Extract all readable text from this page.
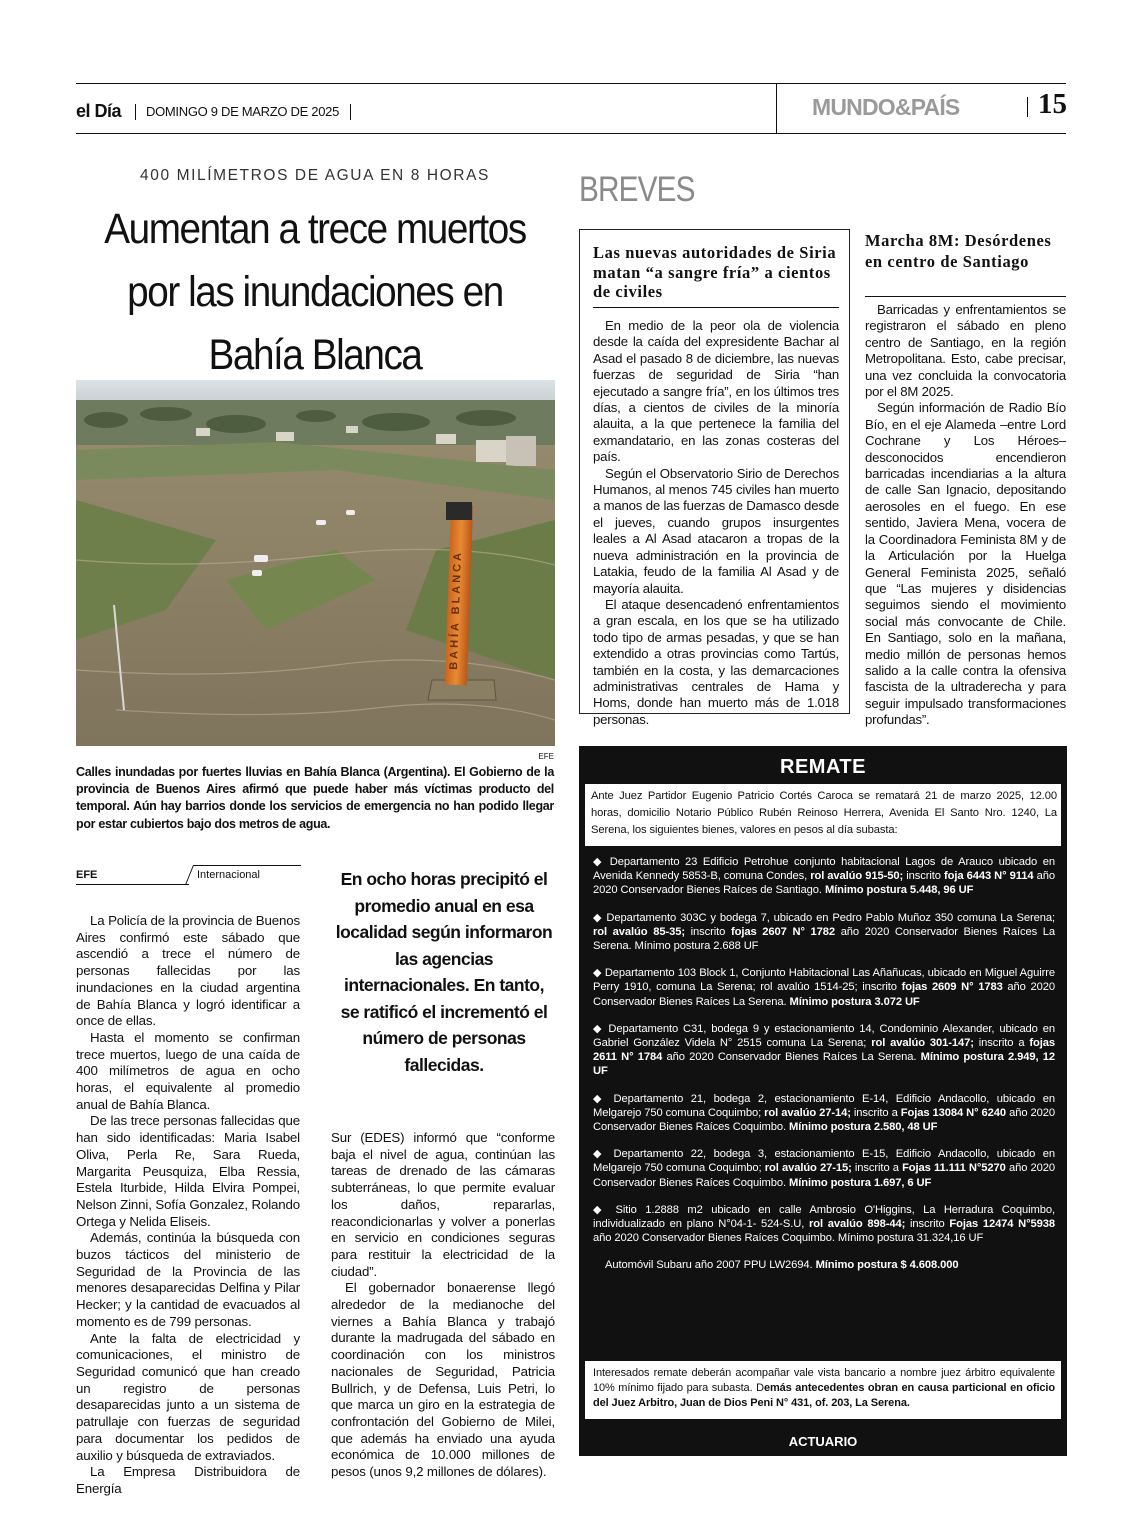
el Día DOMINGO 9 DE MARZO DE 2025	MUNDO&PAÍS	15
400 MILÍMETROS DE AGUA EN 8 HORAS
Aumentan a trece muertos
por las inundaciones en
Bahía Blanca
BAHÍA BLANCA
EFE
Calles inundadas por fuertes lluvias en Bahía Blanca (Argentina). El Gobierno de la provincia de Buenos Aires afirmó que puede haber más víctimas producto del temporal. Aún hay barrios donde los servicios de emergencia no han podido llegar por estar cubiertos bajo dos metros de agua.
EFE	Internacional

La Policía de la provincia de Buenos Aires confirmó este sábado que ascendió a trece el número de personas fallecidas por las inundaciones en la ciudad argentina de Bahía Blanca y logró identificar a once de ellas.

Hasta el momento se confirman trece muertos, luego de una caída de 400 milímetros de agua en ocho horas, el equivalente al promedio anual de Bahía Blanca.

De las trece personas fallecidas que han sido identificadas: Maria Isabel Oliva, Perla Re, Sara Rueda, Margarita Peusquiza, Elba Ressia, Estela Iturbide, Hilda Elvira Pompei, Nelson Zinni, Sofía Gonzalez, Rolando Ortega y Nelida Eliseis.

Además, continúa la búsqueda con buzos tácticos del ministerio de Seguridad de la Provincia de las menores desaparecidas Delfina y Pilar Hecker; y la cantidad de evacuados al momento es de 799 personas.

Ante la falta de electricidad y comunicaciones, el ministro de Seguridad comunicó que han creado un registro de personas desaparecidas junto a un sistema de patrullaje con fuerzas de seguridad para documentar los pedidos de auxilio y búsqueda de extraviados.

La Empresa Distribuidora de Energía

En ocho horas precipitó el promedio anual en esa localidad según informaron las agencias internacionales. En tanto, se ratificó el incrementó el número de personas fallecidas.

Sur (EDES) informó que “conforme baja el nivel de agua, continúan las tareas de drenado de las cámaras subterráneas, lo que permite evaluar los daños, repararlas, reacondicionarlas y volver a ponerlas en servicio en condiciones seguras para restituir la electricidad de la ciudad”.

El gobernador bonaerense llegó alrededor de la medianoche del viernes a Bahía Blanca y trabajó durante la madrugada del sábado en coordinación con los ministros nacionales de Seguridad, Patricia Bullrich, y de Defensa, Luis Petri, lo que marca un giro en la estrategia de confrontación del Gobierno de Milei, que además ha enviado una ayuda económica de 10.000 millones de pesos (unos 9,2 millones de dólares).

BREVES
Las nuevas autoridades de Siria matan “a sangre fría” a cientos de civiles

En medio de la peor ola de violencia desde la caída del expresidente Bachar al Asad el pasado 8 de diciembre, las nuevas fuerzas de seguridad de Siria “han ejecutado a sangre fría”, en los últimos tres días, a cientos de civiles de la minoría alauita, a la que pertenece la familia del exmandatario, en las zonas costeras del país.

Según el Observatorio Sirio de Derechos Humanos, al menos 745 civiles han muerto a manos de las fuerzas de Damasco desde el jueves, cuando grupos insurgentes leales a Al Asad atacaron a tropas de la nueva administración en la provincia de Latakia, feudo de la familia Al Asad y de mayoría alauita.

El ataque desencadenó enfrentamientos a gran escala, en los que se ha utilizado todo tipo de armas pesadas, y que se han extendido a otras provincias como Tartús, también en la costa, y las demarcaciones administrativas centrales de Hama y Homs, donde han muerto más de 1.018 personas.

Marcha 8M: Desórdenes en centro de Santiago

Barricadas y enfrentamientos se registraron el sábado en pleno centro de Santiago, en la región Metropolitana. Esto, cabe precisar, una vez concluida la convocatoria por el 8M 2025.

Según información de Radio Bío Bío, en el eje Alameda –entre Lord Cochrane y Los Héroes– desconocidos encendieron barricadas incendiarias a la altura de calle San Ignacio, depositando aerosoles en el fuego. En ese sentido, Javiera Mena, vocera de la Coordinadora Feminista 8M y de la Articulación por la Huelga General Feminista 2025, señaló que “Las mujeres y disidencias seguimos siendo el movimiento social más convocante de Chile. En Santiago, solo en la mañana, medio millón de personas hemos salido a la calle contra la ofensiva fascista de la ultraderecha y para seguir impulsado transformaciones profundas”.

REMATE
Ante Juez Partidor Eugenio Patricio Cortés Caroca se rematará 21 de marzo 2025, 12.00 horas, domicilio Notario Público Rubén Reinoso Herrera, Avenida El Santo Nro. 1240, La Serena, los siguientes bienes, valores en pesos al día subasta:
◆ Departamento 23 Edificio Petrohue conjunto habitacional Lagos de Arauco ubicado en Avenida Kennedy 5853-B, comuna Condes, rol avalúo 915-50; inscrito foja 6443 N° 9114 año 2020 Conservador Bienes Raíces de Santiago. Mínimo postura 5.448, 96 UF
◆ Departamento 303C y bodega 7, ubicado en Pedro Pablo Muñoz 350 comuna La Serena; rol avalúo 85-35; inscrito fojas 2607 N° 1782 año 2020 Conservador Bienes Raíces La Serena. Mínimo postura 2.688 UF
◆ Departamento 103 Block 1, Conjunto Habitacional Las Añañucas, ubicado en Miguel Aguirre Perry 1910, comuna La Serena; rol avalúo 1514-25; inscrito fojas 2609 N° 1783 año 2020 Conservador Bienes Raíces La Serena. Mínimo postura 3.072 UF
◆ Departamento C31, bodega 9 y estacionamiento 14, Condominio Alexander, ubicado en Gabriel González Videla N° 2515 comuna La Serena; rol avalúo 301-147; inscrito a fojas 2611 N° 1784 año 2020 Conservador Bienes Raíces La Serena. Mínimo postura 2.949, 12 UF
◆ Departamento 21, bodega 2, estacionamiento E-14, Edificio Andacollo, ubicado en Melgarejo 750 comuna Coquimbo; rol avalúo 27-14; inscrito a Fojas 13084 N° 6240 año 2020 Conservador Bienes Raíces Coquimbo. Mínimo postura 2.580, 48 UF
◆ Departamento 22, bodega 3, estacionamiento E-15, Edificio Andacollo, ubicado en Melgarejo 750 comuna Coquimbo; rol avalúo 27-15; inscrito a Fojas 11.111 N°5270 año 2020 Conservador Bienes Raíces Coquimbo. Mínimo postura 1.697, 6 UF
◆ Sitio 1.2888 m2 ubicado en calle Ambrosio O'Higgins, La Herradura Coquimbo, individualizado en plano N°04-1- 524-S.U, rol avalúo 898-44; inscrito Fojas 12474 N°5938 año 2020 Conservador Bienes Raíces Coquimbo. Mínimo postura 31.324,16 UF
Automóvil Subaru año 2007 PPU LW2694. Mínimo postura $ 4.608.000
Interesados remate deberán acompañar vale vista bancario a nombre juez árbitro equivalente 10% mínimo fijado para subasta. Demás antecedentes obran en causa particional en oficio del Juez Arbitro, Juan de Dios Peni N° 431, of. 203, La Serena.
ACTUARIO
